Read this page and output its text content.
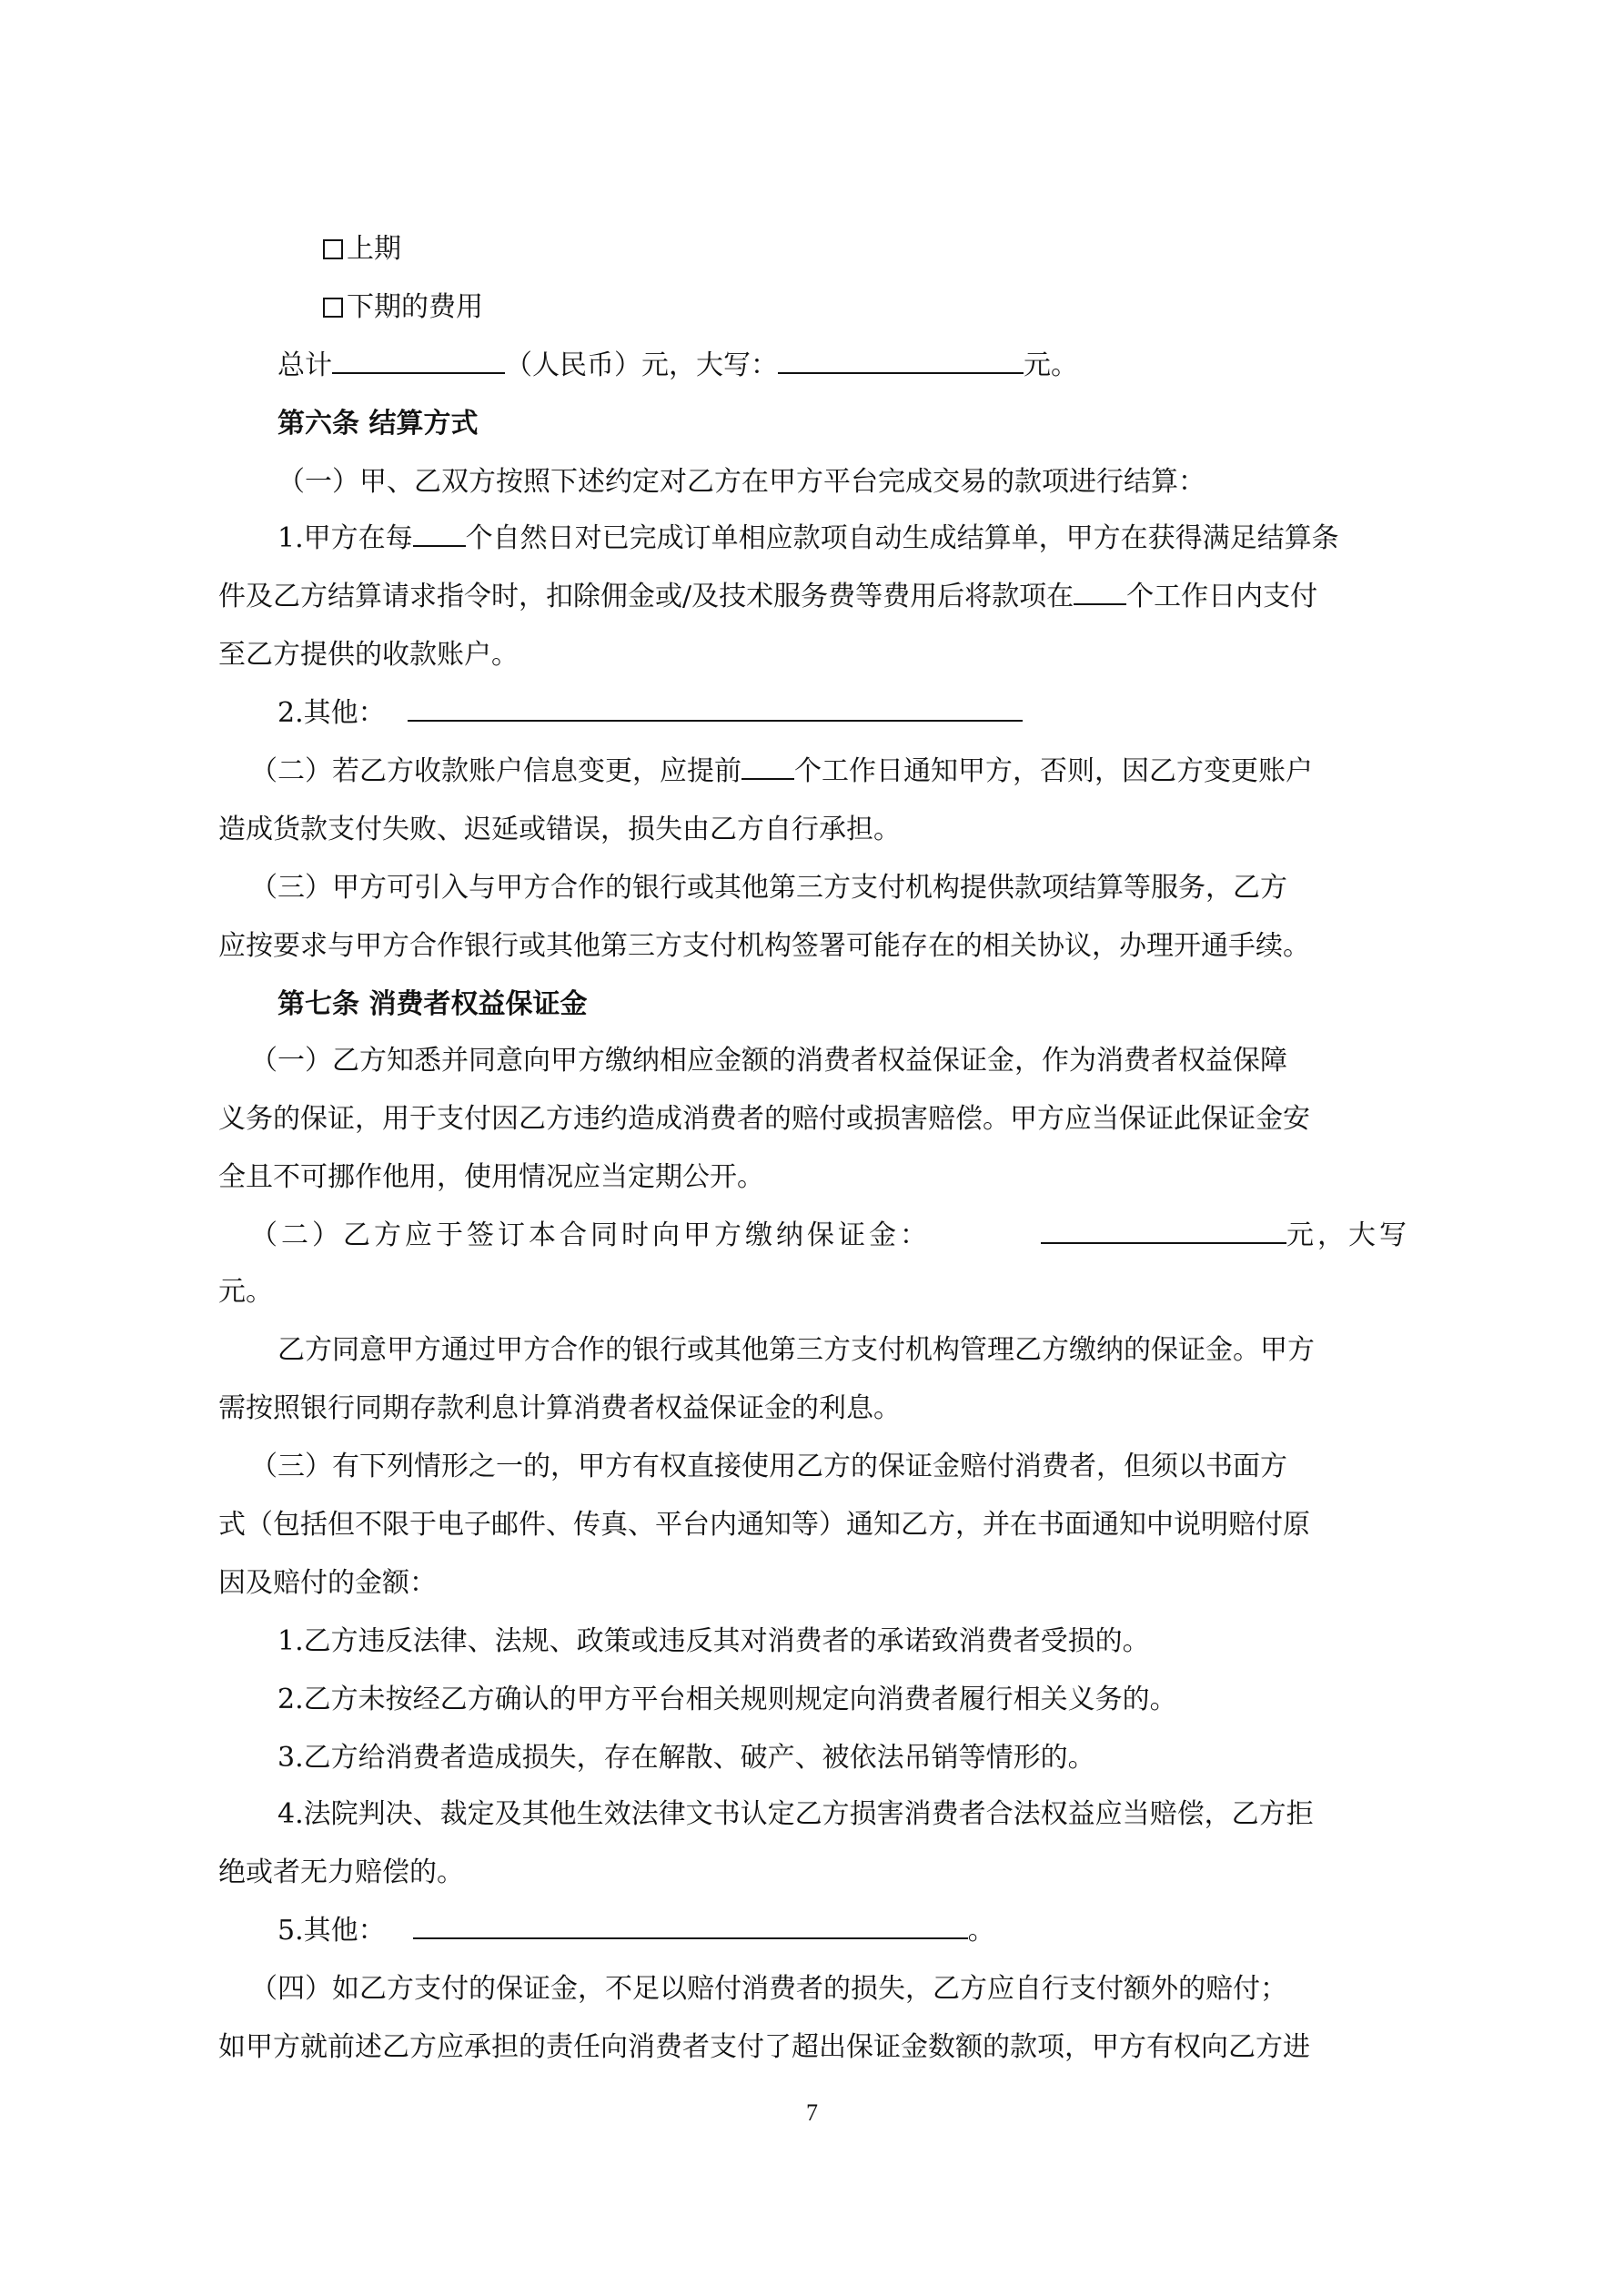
上期
下期的费用
总计	（人民币）元，大写：	元。
第六条 结算方式
（一）甲、乙双方按照下述约定对乙方在甲方平台完成交易的款项进行结算：
1.甲方在每 个自然日对已完成订单相应款项自动生成结算单，甲方在获得满足结算条
件及乙方结算请求指令时，扣除佣金或/及技术服务费等费用后将款项在 个工作日内支付
至乙方提供的收款账户。
2.其他：
（二）若乙方收款账户信息变更，应提前 个工作日通知甲方，否则，因乙方变更账户
造成货款支付失败、迟延或错误，损失由乙方自行承担。
（三）甲方可引入与甲方合作的银行或其他第三方支付机构提供款项结算等服务，乙方
应按要求与甲方合作银行或其他第三方支付机构签署可能存在的相关协议，办理开通手续。
第七条 消费者权益保证金
（一）乙方知悉并同意向甲方缴纳相应金额的消费者权益保证金，作为消费者权益保障
义务的保证，用于支付因乙方违约造成消费者的赔付或损害赔偿。甲方应当保证此保证金安
全且不可挪作他用，使用情况应当定期公开。
（二）乙方应于签订本合同时向甲方缴纳保证金：	元，大写
元。
乙方同意甲方通过甲方合作的银行或其他第三方支付机构管理乙方缴纳的保证金。甲方
需按照银行同期存款利息计算消费者权益保证金的利息。
（三）有下列情形之一的，甲方有权直接使用乙方的保证金赔付消费者，但须以书面方
式（包括但不限于电子邮件、传真、平台内通知等）通知乙方，并在书面通知中说明赔付原
因及赔付的金额：
1.乙方违反法律、法规、政策或违反其对消费者的承诺致消费者受损的。
2.乙方未按经乙方确认的甲方平台相关规则规定向消费者履行相关义务的。
3.乙方给消费者造成损失，存在解散、破产、被依法吊销等情形的。
4.法院判决、裁定及其他生效法律文书认定乙方损害消费者合法权益应当赔偿，乙方拒
绝或者无力赔偿的。
5.其他：	。
（四）如乙方支付的保证金，不足以赔付消费者的损失，乙方应自行支付额外的赔付；
如甲方就前述乙方应承担的责任向消费者支付了超出保证金数额的款项，甲方有权向乙方进
7
